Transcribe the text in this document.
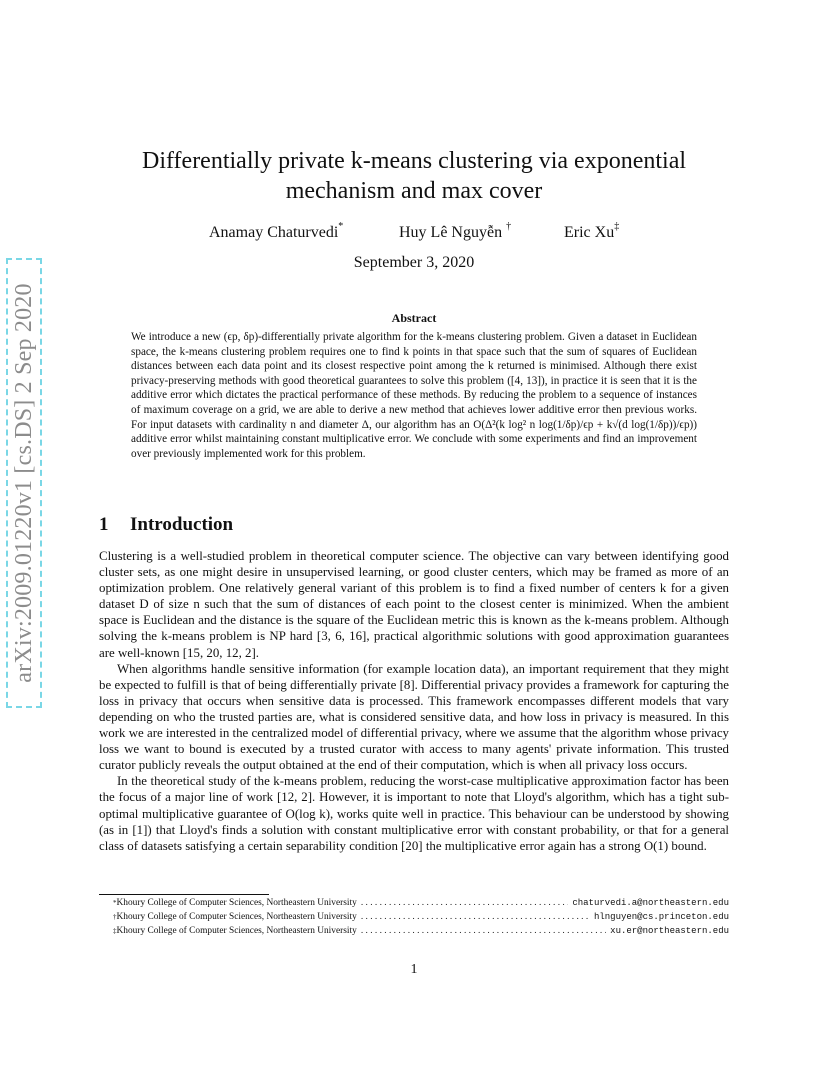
arXiv:2009.01220v1 [cs.DS] 2 Sep 2020
Differentially private k-means clustering via exponential
mechanism and max cover
Anamay Chaturvedi*	Huy Lê Nguyễn †	Eric Xu‡
September 3, 2020
Abstract
We introduce a new (ϵp, δp)-differentially private algorithm for the k-means clustering problem. Given a dataset in Euclidean space, the k-means clustering problem requires one to find k points in that space such that the sum of squares of Euclidean distances between each data point and its closest respective point among the k returned is minimised. Although there exist privacy-preserving methods with good theoretical guarantees to solve this problem ([4, 13]), in practice it is seen that it is the additive error which dictates the practical performance of these methods. By reducing the problem to a sequence of instances of maximum coverage on a grid, we are able to derive a new method that achieves lower additive error then previous works. For input datasets with cardinality n and diameter Δ, our algorithm has an O(Δ²(k log² n log(1/δp)/ϵp + k√(d log(1/δp))/ϵp)) additive error whilst maintaining constant multiplicative error. We conclude with some experiments and find an improvement over previously implemented work for this problem.
1 Introduction

Clustering is a well-studied problem in theoretical computer science. The objective can vary between identifying good cluster sets, as one might desire in unsupervised learning, or good cluster centers, which may be framed as more of an optimization problem. One relatively general variant of this problem is to find a fixed number of centers k for a given dataset D of size n such that the sum of distances of each point to the closest center is minimized. When the ambient space is Euclidean and the distance is the square of the Euclidean metric this is known as the k-means problem. Although solving the k-means problem is NP hard [3, 6, 16], practical algorithmic solutions with good approximation guarantees are well-known [15, 20, 12, 2].

When algorithms handle sensitive information (for example location data), an important requirement that they might be expected to fulfill is that of being differentially private [8]. Differential privacy provides a framework for capturing the loss in privacy that occurs when sensitive data is processed. This framework encompasses different models that vary depending on who the trusted parties are, what is considered sensitive data, and how loss in privacy is measured. In this work we are interested in the centralized model of differential privacy, where we assume that the algorithm whose privacy loss we want to bound is executed by a trusted curator with access to many agents' private information. This trusted curator publicly reveals the output obtained at the end of their computation, which is when all privacy loss occurs.

In the theoretical study of the k-means problem, reducing the worst-case multiplicative approximation factor has been the focus of a major line of work [12, 2]. However, it is important to note that Lloyd's algorithm, which has a tight sub-optimal multiplicative guarantee of O(log k), works quite well in practice. This behaviour can be understood by showing (as in [1]) that Lloyd's finds a solution with constant multiplicative error with constant probability, or that for a general class of datasets satisfying a certain separability condition [20] the multiplicative error again has a strong O(1) bound.

* Khoury College of Computer Sciences, Northeastern University . . .	chaturvedi.a@northeastern.edu
† Khoury College of Computer Sciences, Northeastern University . . .	hlnguyen@cs.princeton.edu
‡ Khoury College of Computer Sciences, Northeastern University . . .	xu.er@northeastern.edu
1
